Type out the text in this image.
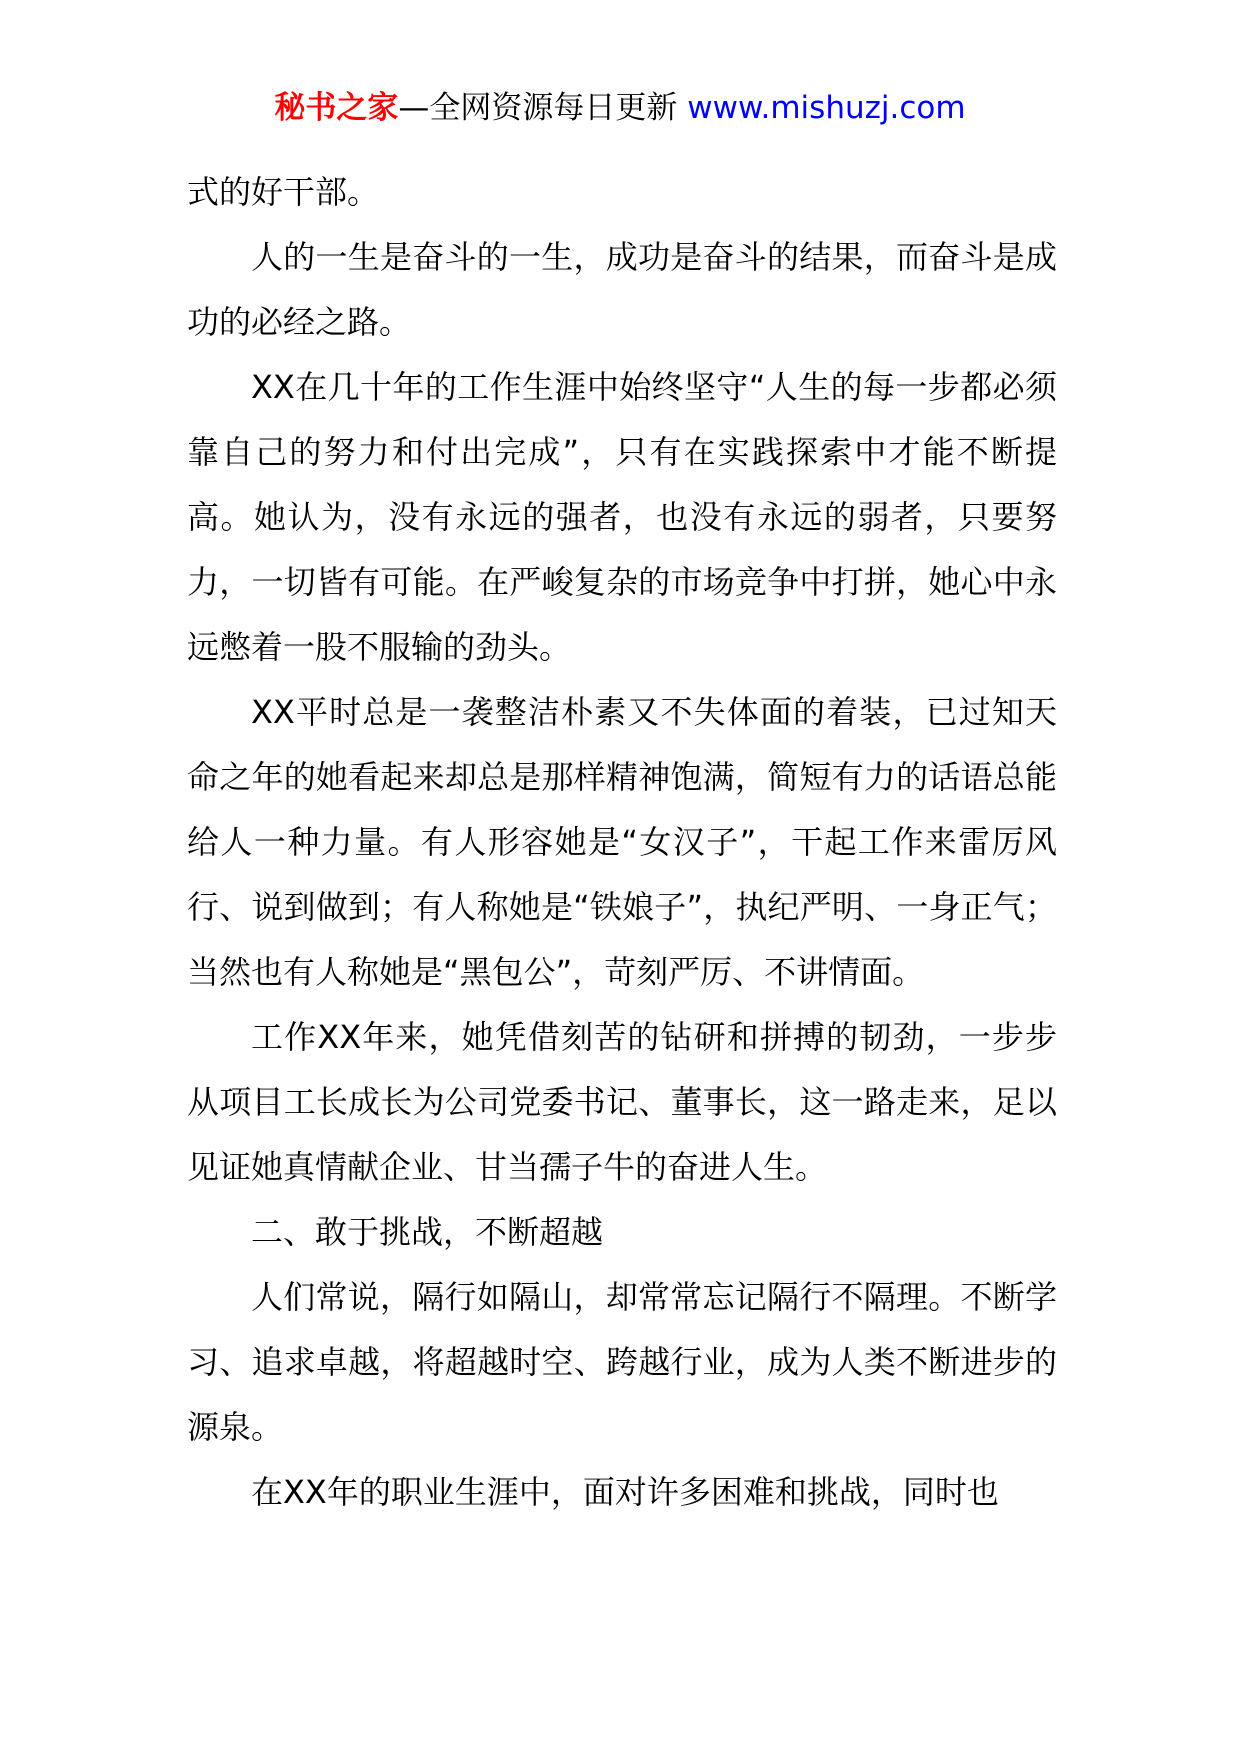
秘书之家—全网资源每日更新 www.mishuzj.com

式的好干部。

人的一生是奋斗的一生，成功是奋斗的结果，而奋斗是成功的必经之路。

XX在几十年的工作生涯中始终坚守“人生的每一步都必须靠自己的努力和付出完成”，只有在实践探索中才能不断提高。她认为，没有永远的强者，也没有永远的弱者，只要努力，一切皆有可能。在严峻复杂的市场竞争中打拼，她心中永远憋着一股不服输的劲头。

XX平时总是一袭整洁朴素又不失体面的着装，已过知天命之年的她看起来却总是那样精神饱满，简短有力的话语总能给人一种力量。有人形容她是“女汉子”，干起工作来雷厉风行、说到做到；有人称她是“铁娘子”，执纪严明、一身正气；当然也有人称她是“黑包公”，苛刻严厉、不讲情面。

工作XX年来，她凭借刻苦的钻研和拼搏的韧劲，一步步从项目工长成长为公司党委书记、董事长，这一路走来，足以见证她真情献企业、甘当孺子牛的奋进人生。

二、敢于挑战，不断超越

人们常说，隔行如隔山，却常常忘记隔行不隔理。不断学习、追求卓越，将超越时空、跨越行业，成为人类不断进步的源泉。

在XX年的职业生涯中，面对许多困难和挑战，同时也
